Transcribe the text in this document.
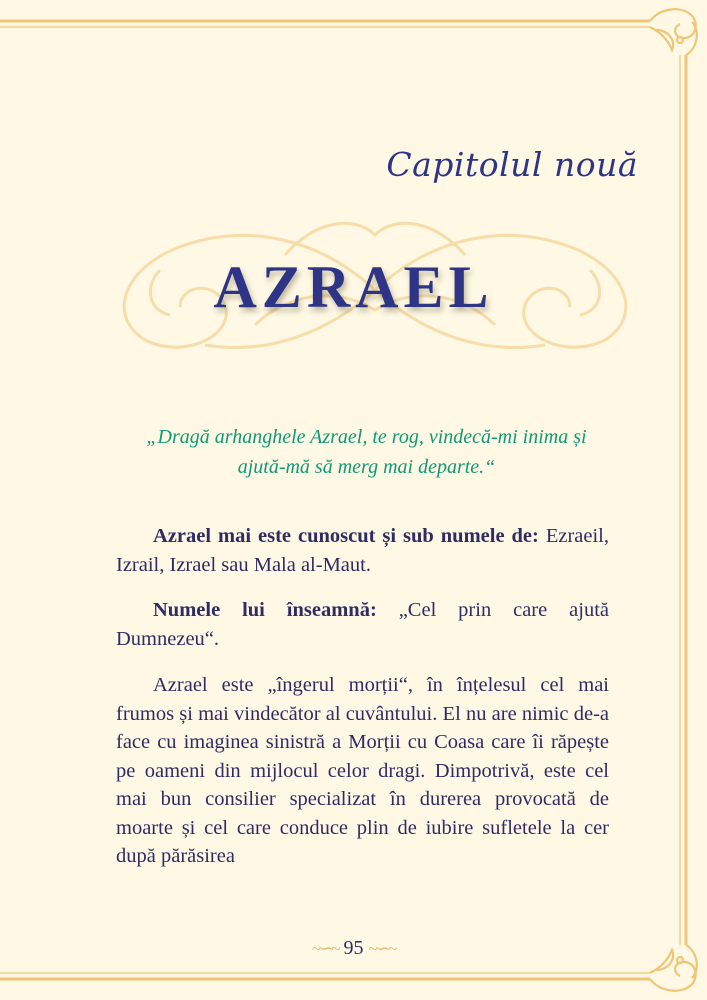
Capitolul nouă
AZRAEL
„Dragă arhanghele Azrael, te rog, vindecă-mi inima și
ajută-mă să merg mai departe.“

Azrael mai este cunoscut și sub numele de: Ezraeil, Izrail, Izrael sau Mala al-Maut.

Numele lui înseamnă: „Cel prin care ajută Dumnezeu“.

Azrael este „îngerul morții“, în înțelesul cel mai frumos și mai vindecător al cuvântului. El nu are nimic de-a face cu imaginea sinistră a Morții cu Coasa care îi răpește pe oameni din mijlocul celor dragi. Dimpotrivă, este cel mai bun consilier specializat în durerea provocată de moarte și cel care conduce plin de iubire sufletele la cer după părăsirea

~∽~ 95 ~∽~
